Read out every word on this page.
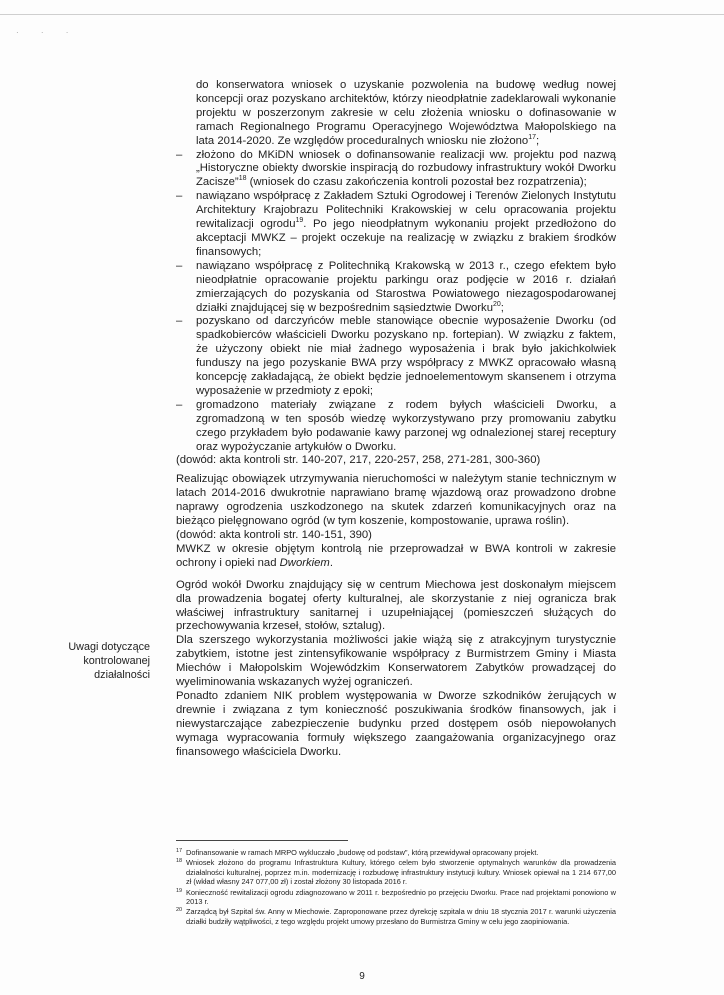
· · ·

do konserwatora wniosek o uzyskanie pozwolenia na budowę według nowej koncepcji oraz pozyskano architektów, którzy nieodpłatnie zadeklarowali wykonanie projektu w poszerzonym zakresie w celu złożenia wniosku o dofinasowanie w ramach Regionalnego Programu Operacyjnego Województwa Małopolskiego na lata 2014-2020. Ze względów proceduralnych wniosku nie złożono$^{17}$;

– złożono do MKiDN wniosek o dofinansowanie realizacji ww. projektu pod nazwą „Historyczne obiekty dworskie inspiracją do rozbudowy infrastruktury wokół Dworku Zacisze”$^{18}$ (wniosek do czasu zakończenia kontroli pozostał bez rozpatrzenia);
– nawiązano współpracę z Zakładem Sztuki Ogrodowej i Terenów Zielonych Instytutu Architektury Krajobrazu Politechniki Krakowskiej w celu opracowania projektu rewitalizacji ogrodu$^{19}$. Po jego nieodpłatnym wykonaniu projekt przedłożono do akceptacji MWKZ – projekt oczekuje na realizację w związku z brakiem środków finansowych;
– nawiązano współpracę z Politechniką Krakowską w 2013 r., czego efektem było nieodpłatnie opracowanie projektu parkingu oraz podjęcie w 2016 r. działań zmierzających do pozyskania od Starostwa Powiatowego niezagospodarowanej działki znajdującej się w bezpośrednim sąsiedztwie Dworku$^{20}$;
– pozyskano od darczyńców meble stanowiące obecnie wyposażenie Dworku (od spadkobierców właścicieli Dworku pozyskano np. fortepian). W związku z faktem, że użyczony obiekt nie miał żadnego wyposażenia i brak było jakichkolwiek funduszy na jego pozyskanie BWA przy współpracy z MWKZ opracowało własną koncepcję zakładającą, że obiekt będzie jednoelementowym skansenem i otrzyma wyposażenie w przedmioty z epoki;
– gromadzono materiały związane z rodem byłych właścicieli Dworku, a zgromadzoną w ten sposób wiedzę wykorzystywano przy promowaniu zabytku czego przykładem było podawanie kawy parzonej wg odnalezionej starej receptury oraz wypożyczanie artykułów o Dworku.

(dowód: akta kontroli str. 140-207, 217, 220-257, 258, 271-281, 300-360)

Realizując obowiązek utrzymywania nieruchomości w należytym stanie technicznym w latach 2014-2016 dwukrotnie naprawiano bramę wjazdową oraz prowadzono drobne naprawy ogrodzenia uszkodzonego na skutek zdarzeń komunikacyjnych oraz na bieżąco pielęgnowano ogród (w tym koszenie, kompostowanie, uprawa roślin).

(dowód: akta kontroli str. 140-151, 390)

MWKZ w okresie objętym kontrolą nie przeprowadzał w BWA kontroli w zakresie ochrony i opieki nad Dworkiem.

Ogród wokół Dworku znajdujący się w centrum Miechowa jest doskonałym miejscem dla prowadzenia bogatej oferty kulturalnej, ale skorzystanie z niej ogranicza brak właściwej infrastruktury sanitarnej i uzupełniającej (pomieszczeń służących do przechowywania krzeseł, stołów, sztalug).

Dla szerszego wykorzystania możliwości jakie wiążą się z atrakcyjnym turystycznie zabytkiem, istotne jest zintensyfikowanie współpracy z Burmistrzem Gminy i Miasta Miechów i Małopolskim Wojewódzkim Konserwatorem Zabytków prowadzącej do wyeliminowania wskazanych wyżej ograniczeń.

Ponadto zdaniem NIK problem występowania w Dworze szkodników żerujących w drewnie i związana z tym konieczność poszukiwania środków finansowych, jak i niewystarczające zabezpieczenie budynku przed dostępem osób niepowołanych wymaga wypracowania formuły większego zaangażowania organizacyjnego oraz finansowego właściciela Dworku.

Uwagi dotyczące kontrolowanej działalności
17 Dofinansowanie w ramach MRPO wykluczało „budowę od podstaw”, którą przewidywał opracowany projekt.
18 Wniosek złożono do programu Infrastruktura Kultury, którego celem było stworzenie optymalnych warunków dla prowadzenia działalności kulturalnej, poprzez m.in. modernizację i rozbudowę infrastruktury instytucji kultury. Wniosek opiewał na 1 214 677,00 zł (wkład własny 247 077,00 zł) i został złożony 30 listopada 2016 r.
19 Konieczność rewitalizacji ogrodu zdiagnozowano w 2011 r. bezpośrednio po przejęciu Dworku. Prace nad projektami ponowiono w 2013 r.
20 Zarządcą był Szpital św. Anny w Miechowie. Zaproponowane przez dyrekcję szpitala w dniu 18 stycznia 2017 r. warunki użyczenia działki budziły wątpliwości, z tego względu projekt umowy przesłano do Burmistrza Gminy w celu jego zaopiniowania.
9
